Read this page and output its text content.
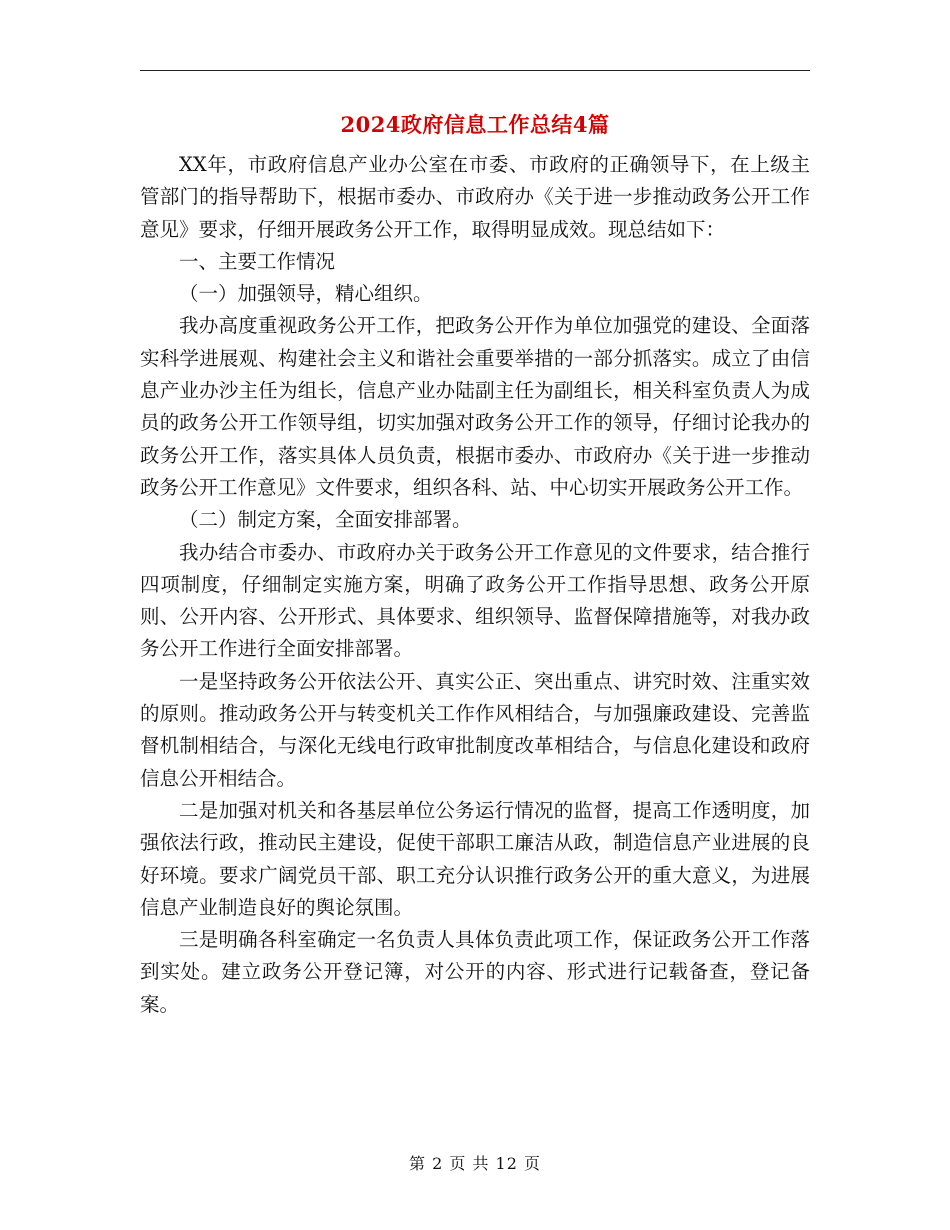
2024政府信息工作总结4篇

XX年，市政府信息产业办公室在市委、市政府的正确领导下，在上级主管部门的指导帮助下，根据市委办、市政府办《关于进一步推动政务公开工作意见》要求，仔细开展政务公开工作，取得明显成效。现总结如下：

一、主要工作情况

（一）加强领导，精心组织。

我办高度重视政务公开工作，把政务公开作为单位加强党的建设、全面落实科学进展观、构建社会主义和谐社会重要举措的一部分抓落实。成立了由信息产业办沙主任为组长，信息产业办陆副主任为副组长，相关科室负责人为成员的政务公开工作领导组，切实加强对政务公开工作的领导，仔细讨论我办的政务公开工作，落实具体人员负责，根据市委办、市政府办《关于进一步推动政务公开工作意见》文件要求，组织各科、站、中心切实开展政务公开工作。

（二）制定方案，全面安排部署。

我办结合市委办、市政府办关于政务公开工作意见的文件要求，结合推行四项制度，仔细制定实施方案，明确了政务公开工作指导思想、政务公开原则、公开内容、公开形式、具体要求、组织领导、监督保障措施等，对我办政务公开工作进行全面安排部署。

一是坚持政务公开依法公开、真实公正、突出重点、讲究时效、注重实效的原则。推动政务公开与转变机关工作作风相结合，与加强廉政建设、完善监督机制相结合，与深化无线电行政审批制度改革相结合，与信息化建设和政府信息公开相结合。

二是加强对机关和各基层单位公务运行情况的监督，提高工作透明度，加强依法行政，推动民主建设，促使干部职工廉洁从政，制造信息产业进展的良好环境。要求广阔党员干部、职工充分认识推行政务公开的重大意义，为进展信息产业制造良好的舆论氛围。

三是明确各科室确定一名负责人具体负责此项工作，保证政务公开工作落到实处。建立政务公开登记簿，对公开的内容、形式进行记载备查，登记备案。

第 2 页 共 12 页
